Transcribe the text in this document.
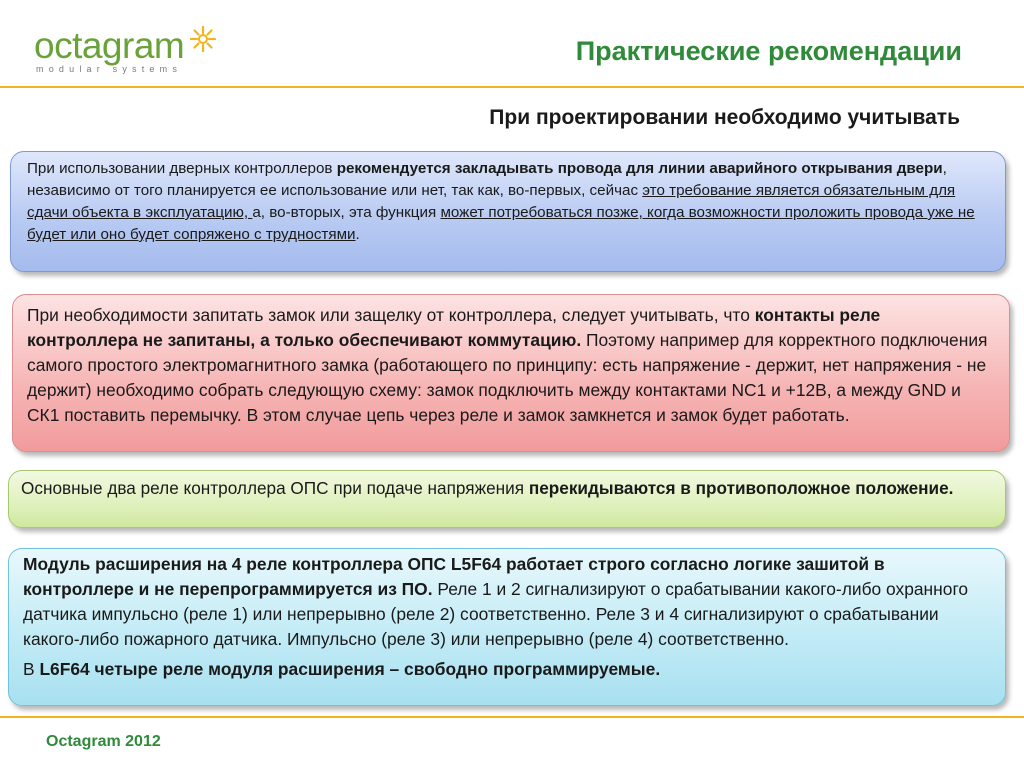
octagram
modular systems
Практические рекомендации
При проектировании необходимо учитывать

При использовании дверных контроллеров рекомендуется закладывать провода для линии аварийного открывания двери, независимо от того планируется ее использование или нет, так как, во-первых, сейчас это требование является обязательным для сдачи объекта в эксплуатацию, а, во-вторых, эта функция может потребоваться позже, когда возможности проложить провода уже не будет или оно будет сопряжено с трудностями.

При необходимости запитать замок или защелку от контроллера, следует учитывать, что контакты реле контроллера не запитаны, а только обеспечивают коммутацию. Поэтому например для корректного подключения самого простого электромагнитного замка (работающего по принципу: есть напряжение - держит, нет напряжения - не держит) необходимо собрать следующую схему: замок подключить между контактами NC1 и +12В, а между GND и СК1 поставить перемычку. В этом случае цепь через реле и замок замкнется и замок будет работать.

Основные два реле контроллера ОПС при подаче напряжения перекидываются в противоположное положение.

Модуль расширения на 4 реле контроллера ОПС L5F64 работает строго согласно логике зашитой в контроллере и не перепрограммируется из ПО. Реле 1 и 2 сигнализируют о срабатывании какого-либо охранного датчика импульсно (реле 1) или непрерывно (реле 2) соответственно. Реле 3 и 4 сигнализируют о срабатывании какого-либо пожарного датчика. Импульсно (реле 3) или непрерывно (реле 4) соответственно.

В L6F64 четыре реле модуля расширения – свободно программируемые.

Octagram 2012
